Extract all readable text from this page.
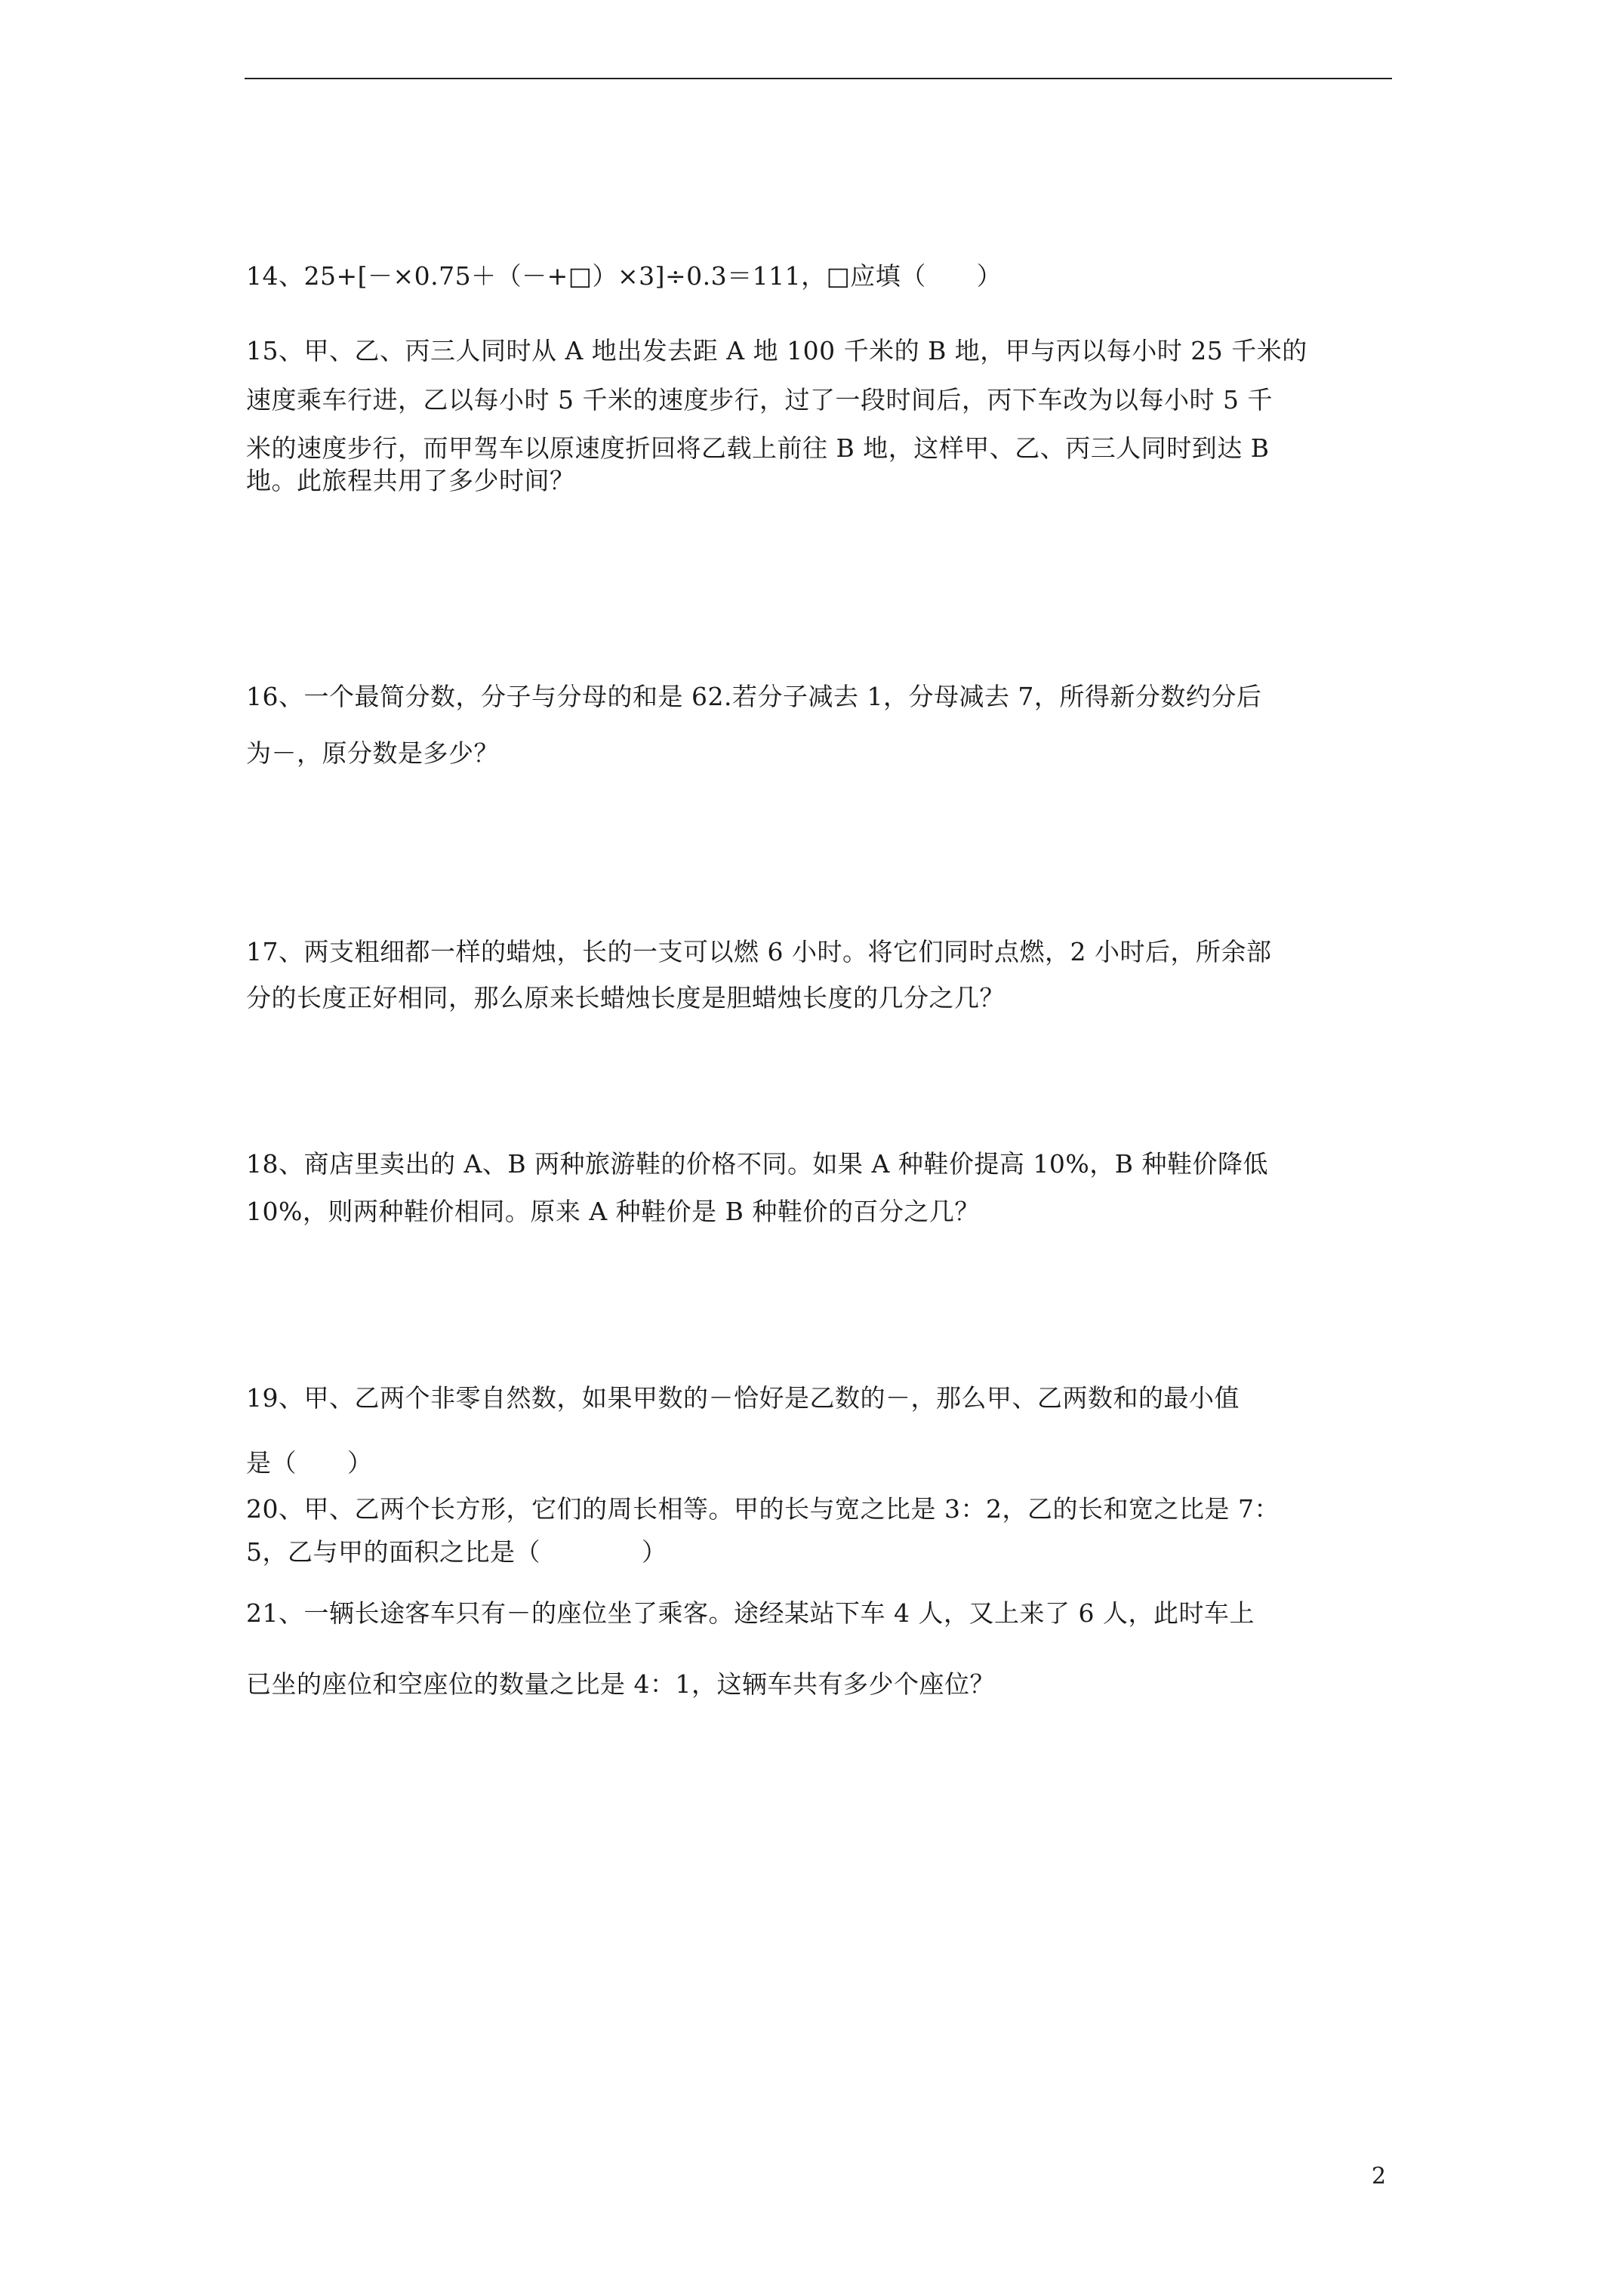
14、25+[－×0.75＋（－+□）×3]÷0.3＝111，□应填（　　）
15、甲、乙、丙三人同时从 A 地出发去距 A 地 100 千米的 B 地，甲与丙以每小时 25 千米的
速度乘车行进，乙以每小时 5 千米的速度步行，过了一段时间后，丙下车改为以每小时 5 千
米的速度步行，而甲驾车以原速度折回将乙载上前往 B 地，这样甲、乙、丙三人同时到达 B
地。此旅程共用了多少时间？
16、一个最简分数，分子与分母的和是 62.若分子减去 1，分母减去 7，所得新分数约分后
为－，原分数是多少？
17、两支粗细都一样的蜡烛，长的一支可以燃 6 小时。将它们同时点燃，2 小时后，所余部
分的长度正好相同，那么原来长蜡烛长度是胆蜡烛长度的几分之几？
18、商店里卖出的 A、B 两种旅游鞋的价格不同。如果 A 种鞋价提高 10%，B 种鞋价降低
10%，则两种鞋价相同。原来 A 种鞋价是 B 种鞋价的百分之几？
19、甲、乙两个非零自然数，如果甲数的－恰好是乙数的－，那么甲、乙两数和的最小值
是（　　）
20、甲、乙两个长方形，它们的周长相等。甲的长与宽之比是 3：2，乙的长和宽之比是 7：
5，乙与甲的面积之比是（　　　　）
21、一辆长途客车只有－的座位坐了乘客。途经某站下车 4 人，又上来了 6 人，此时车上
已坐的座位和空座位的数量之比是 4：1，这辆车共有多少个座位？
2
